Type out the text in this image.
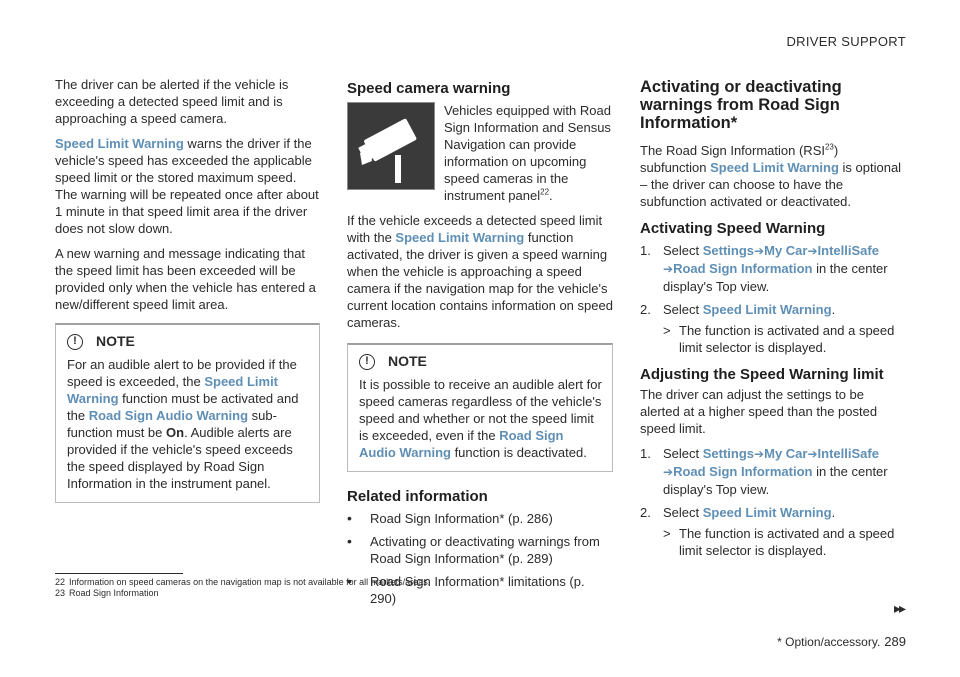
DRIVER SUPPORT

The driver can be alerted if the vehicle is exceeding a detected speed limit and is approaching a speed camera.

Speed Limit Warning warns the driver if the vehicle's speed has exceeded the applicable speed limit or the stored maximum speed. The warning will be repeated once after about 1 minute in that speed limit area if the driver does not slow down.

A new warning and message indicating that the speed limit has been exceeded will be provided only when the vehicle has entered a new/different speed limit area.

!	NOTE
For an audible alert to be provided if the speed is exceeded, the Speed Limit Warning function must be activated and the Road Sign Audio Warning sub-function must be On. Audible alerts are provided if the vehicle's speed exceeds the speed displayed by Road Sign Information in the instrument panel.
Speed camera warning
Vehicles equipped with Road Sign Information and Sensus Navigation can provide information on upcoming speed cameras in the instrument panel$^{22}$.

If the vehicle exceeds a detected speed limit with the Speed Limit Warning function activated, the driver is given a speed warning when the vehicle is approaching a speed camera if the navigation map for the vehicle's current location contains information on speed cameras.

!	NOTE
It is possible to receive an audible alert for speed cameras regardless of the vehicle's speed and whether or not the speed limit is exceeded, even if the Road Sign Audio Warning function is deactivated.
Related information
• Road Sign Information* (p. 286)
• Activating or deactivating warnings from Road Sign Information* (p. 289)
• Road Sign Information* limitations (p. 290)
Activating or deactivating warnings from Road Sign Information*

The Road Sign Information (RSI$^{23}$) subfunction Speed Limit Warning is optional – the driver can choose to have the subfunction activated or deactivated.

Activating Speed Warning
1. Select Settings➔My Car➔IntelliSafe
➔Road Sign Information in the center display's Top view.
2. Select Speed Limit Warning.
> The function is activated and a speed limit selector is displayed.
Adjusting the Speed Warning limit

The driver can adjust the settings to be alerted at a higher speed than the posted speed limit.

1. Select Settings➔My Car➔IntelliSafe
➔Road Sign Information in the center display's Top view.
2. Select Speed Limit Warning.
> The function is activated and a speed limit selector is displayed.
22 Information on speed cameras on the navigation map is not available for all markets/areas.
23 Road Sign Information
▸▸
* Option/accessory. 289
